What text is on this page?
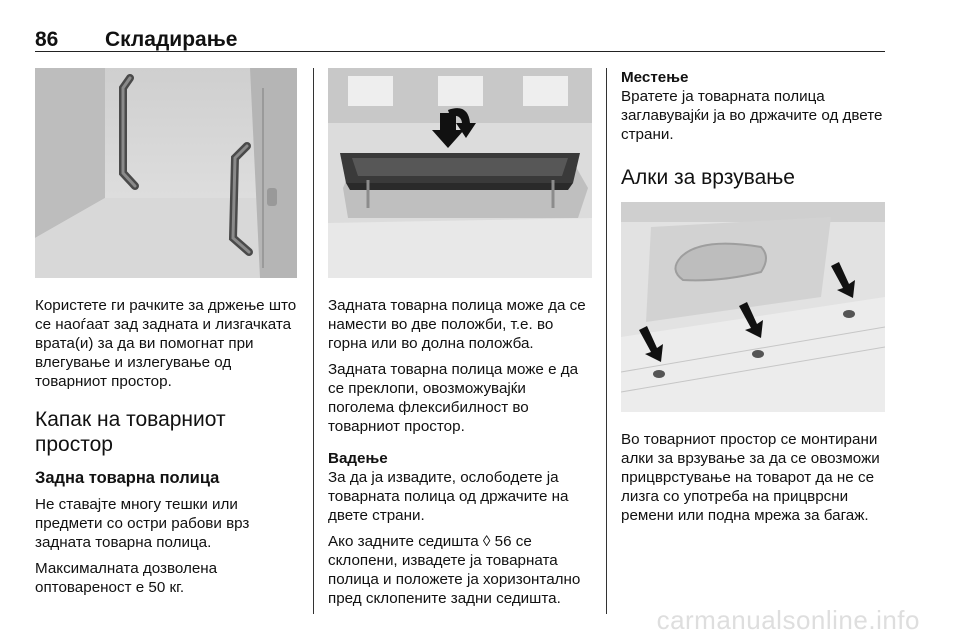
86 Складирање

Користете ги рачките за држење што се наоѓаат зад задната и лизгачката врата(и) за да ви помогнат при влегување и излегување од товарниот простор.

Капак на товарниот простор
Задна товарна полица

Не ставајте многу тешки или предмети со остри рабови врз задната товарна полица.

Максималната дозволена оптовареност е 50 кг.

Задната товарна полица може да се намести во две положби, т.е. во горна или во долна положба.

Задната товарна полица може е да се преклопи, овозможувајќи поголема флексибилност во товарниот простор.

Вадење

За да ја извадите, ослободете ја товарната полица од држачите на двете страни.

Ако задните седишта ◊ 56 се склопени, извадете ја товарната полица и положете ја хоризонтално пред склопените задни седишта.

Местење

Вратете ја товарната полица заглавувајќи ја во држачите од двете страни.

Алки за врзување

Во товарниот простор се монтирани алки за врзување за да се овозможи прицврстување на товарот да не се лизга со употреба на прицврсни ремени или подна мрежа за багаж.

carmanualsonline.info
